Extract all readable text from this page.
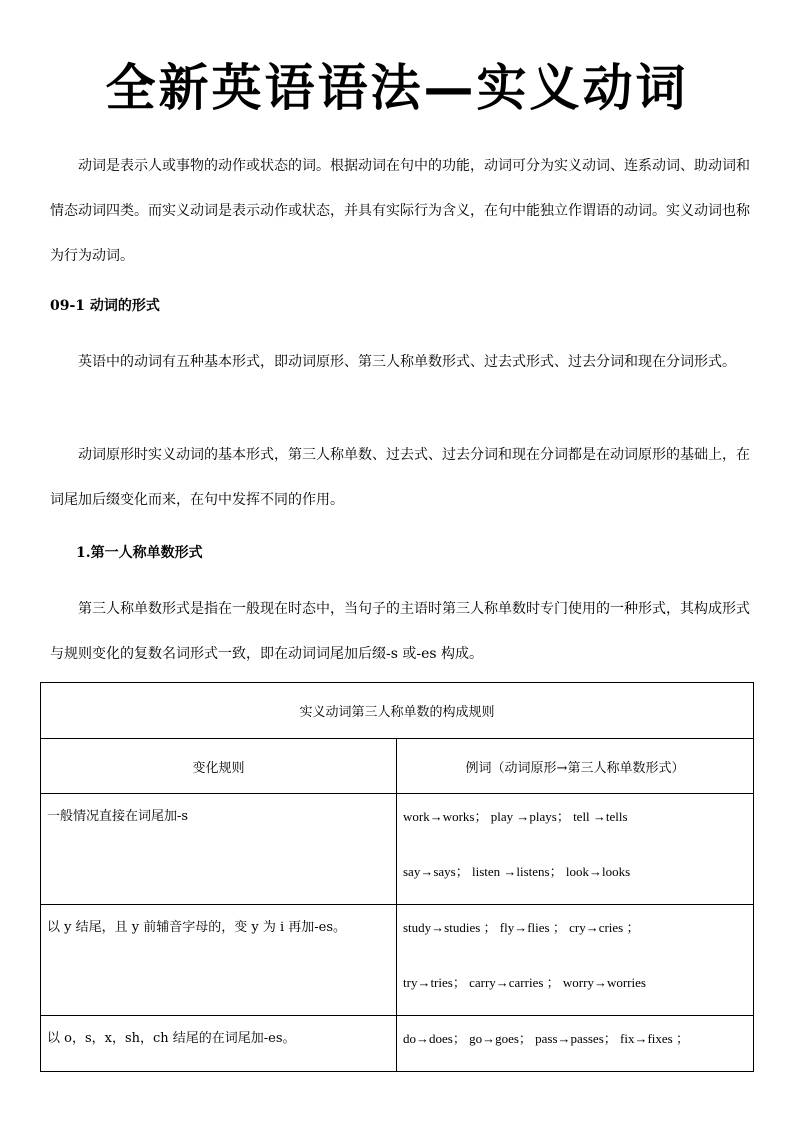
全新英语语法—实义动词

动词是表示人或事物的动作或状态的词。根据动词在句中的功能，动词可分为实义动词、连系动词、助动词和情态动词四类。而实义动词是表示动作或状态，并具有实际行为含义，在句中能独立作谓语的动词。实义动词也称为行为动词。

09-1 动词的形式

英语中的动词有五种基本形式，即动词原形、第三人称单数形式、过去式形式、过去分词和现在分词形式。

动词原形时实义动词的基本形式，第三人称单数、过去式、过去分词和现在分词都是在动词原形的基础上，在词尾加后缀变化而来，在句中发挥不同的作用。

1.第一人称单数形式

第三人称单数形式是指在一般现在时态中，当句子的主语时第三人称单数时专门使用的一种形式，其构成形式与规则变化的复数名词形式一致，即在动词词尾加后缀-s 或-es 构成。

实义动词第三人称单数的构成规则	
变化规则	例词（动词原形→第三人称单数形式）

一般情况直接在词尾加-s	work→works； play →plays； tell →tells
say→says； listen →listens； look→looks

以 y 结尾，且 y 前辅音字母的，变 y 为 i 再加-es。	study→studies ； fly→flies ； cry→cries ；
try→tries； carry→carries ； worry→worries

以 o，s，x，sh，ch 结尾的在词尾加-es。	do→does； go→goes； pass→passes； fix→fixes ；
